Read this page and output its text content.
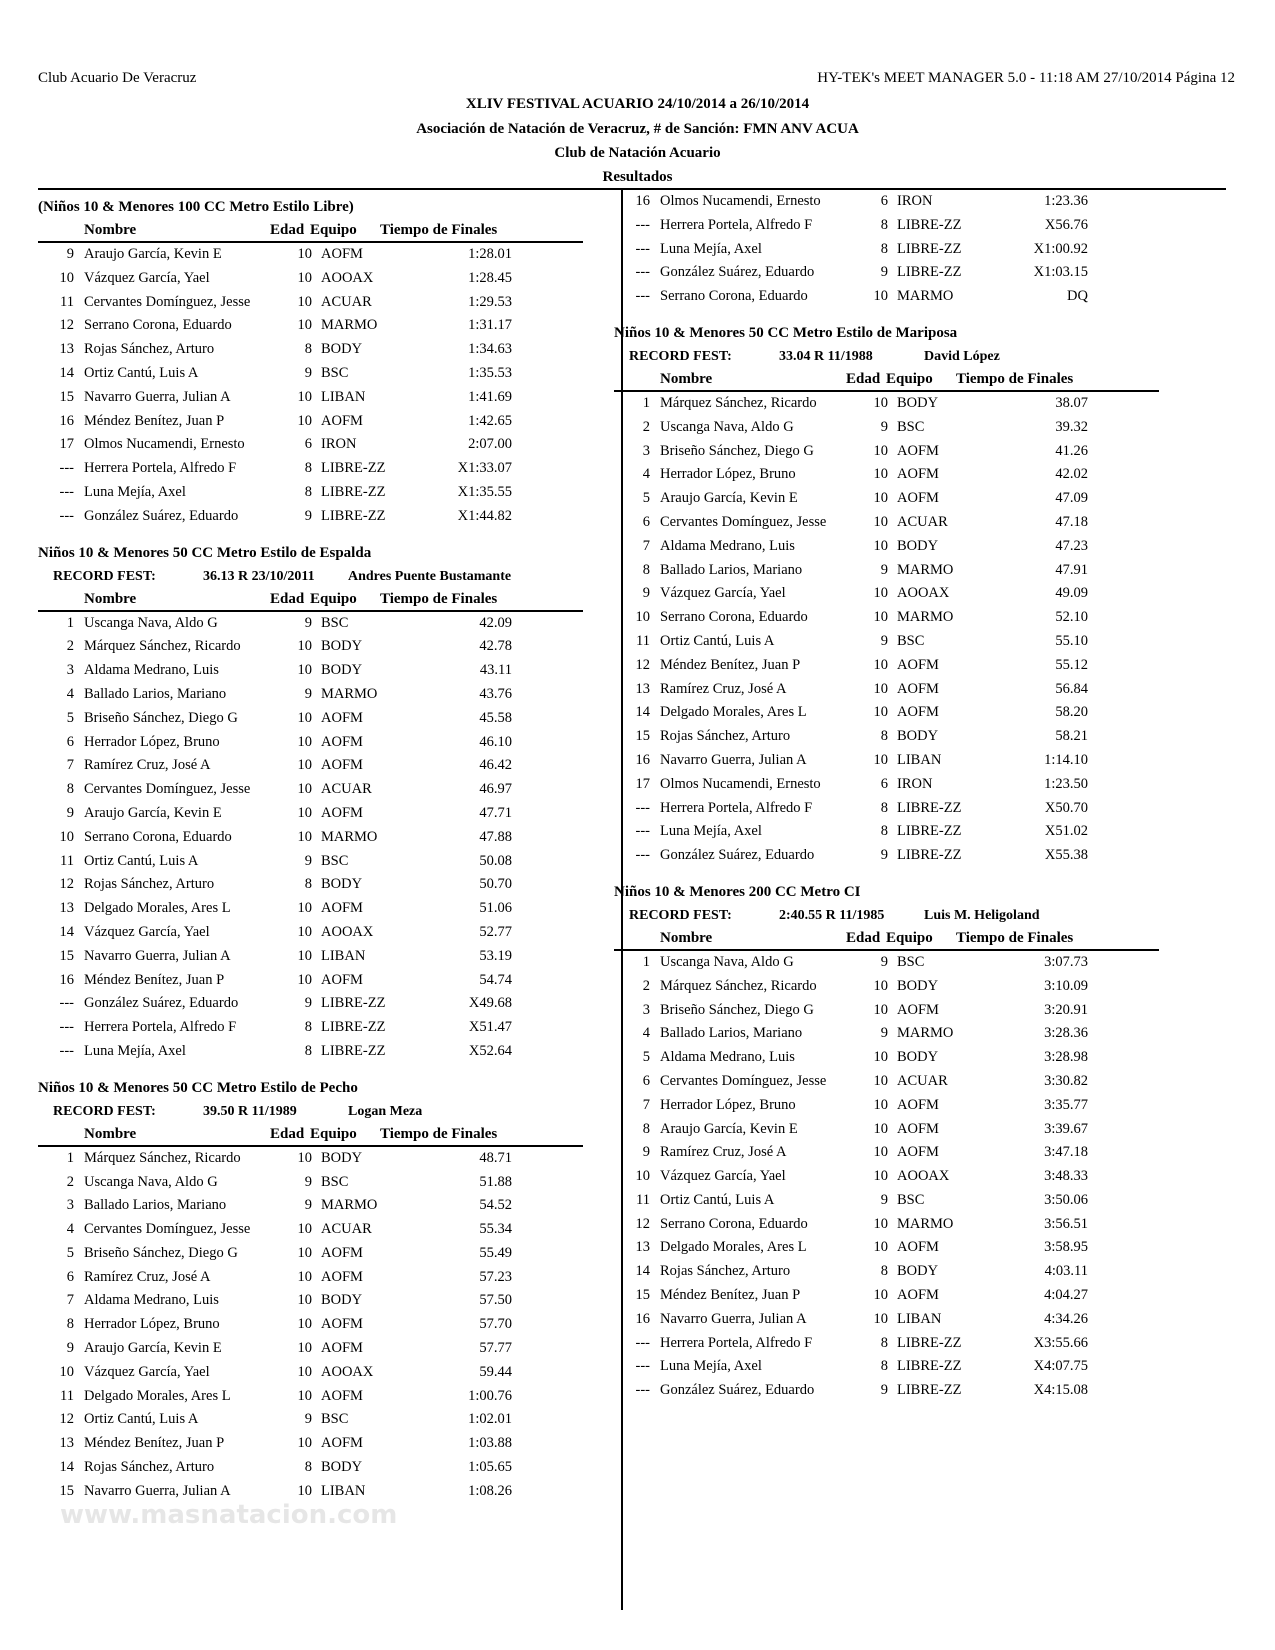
Club Acuario De Veracruz	HY-TEK's MEET MANAGER 5.0 - 11:18 AM 27/10/2014 Página 12
XLIV FESTIVAL ACUARIO 24/10/2014 a 26/10/2014
Asociación de Natación de Veracruz, # de Sanción: FMN ANV ACUA
Club de Natación Acuario
Resultados
(Niños 10 & Menores 100 CC Metro Estilo Libre)
Nombre	Edad Equipo Tiempo de Finales
9 Araujo García, Kevin E	10 AOFM	1:28.01
10 Vázquez García, Yael	10 AOOAX	1:28.45
11 Cervantes Domínguez, Jesse	10 ACUAR	1:29.53
12 Serrano Corona, Eduardo	10 MARMO	1:31.17
13 Rojas Sánchez, Arturo	8 BODY	1:34.63
14 Ortiz Cantú, Luis A	9 BSC	1:35.53
15 Navarro Guerra, Julian A	10 LIBAN	1:41.69
16 Méndez Benítez, Juan P	10 AOFM	1:42.65
17 Olmos Nucamendi, Ernesto	6 IRON	2:07.00
--- Herrera Portela, Alfredo F	8 LIBRE-ZZ	X1:33.07
--- Luna Mejía, Axel	8 LIBRE-ZZ	X1:35.55
--- González Suárez, Eduardo	9 LIBRE-ZZ	X1:44.82
Niños 10 & Menores 50 CC Metro Estilo de Espalda
RECORD FEST:	36.13 R 23/10/2011 Andres Puente Bustamante
Nombre	Edad Equipo Tiempo de Finales
1 Uscanga Nava, Aldo G	9 BSC	42.09
2 Márquez Sánchez, Ricardo	10 BODY	42.78
3 Aldama Medrano, Luis	10 BODY	43.11
4 Ballado Larios, Mariano	9 MARMO	43.76
5 Briseño Sánchez, Diego G	10 AOFM	45.58
6 Herrador López, Bruno	10 AOFM	46.10
7 Ramírez Cruz, José A	10 AOFM	46.42
8 Cervantes Domínguez, Jesse	10 ACUAR	46.97
9 Araujo García, Kevin E	10 AOFM	47.71
10 Serrano Corona, Eduardo	10 MARMO	47.88
11 Ortiz Cantú, Luis A	9 BSC	50.08
12 Rojas Sánchez, Arturo	8 BODY	50.70
13 Delgado Morales, Ares L	10 AOFM	51.06
14 Vázquez García, Yael	10 AOOAX	52.77
15 Navarro Guerra, Julian A	10 LIBAN	53.19
16 Méndez Benítez, Juan P	10 AOFM	54.74
--- González Suárez, Eduardo	9 LIBRE-ZZ	X49.68
--- Herrera Portela, Alfredo F	8 LIBRE-ZZ	X51.47
--- Luna Mejía, Axel	8 LIBRE-ZZ	X52.64
Niños 10 & Menores 50 CC Metro Estilo de Pecho
RECORD FEST:	39.50 R 11/1989	Logan Meza
Nombre	Edad Equipo Tiempo de Finales
1 Márquez Sánchez, Ricardo	10 BODY	48.71
2 Uscanga Nava, Aldo G	9 BSC	51.88
3 Ballado Larios, Mariano	9 MARMO	54.52
4 Cervantes Domínguez, Jesse	10 ACUAR	55.34
5 Briseño Sánchez, Diego G	10 AOFM	55.49
6 Ramírez Cruz, José A	10 AOFM	57.23
7 Aldama Medrano, Luis	10 BODY	57.50
8 Herrador López, Bruno	10 AOFM	57.70
9 Araujo García, Kevin E	10 AOFM	57.77
10 Vázquez García, Yael	10 AOOAX	59.44
11 Delgado Morales, Ares L	10 AOFM	1:00.76
12 Ortiz Cantú, Luis A	9 BSC	1:02.01
13 Méndez Benítez, Juan P	10 AOFM	1:03.88
14 Rojas Sánchez, Arturo	8 BODY	1:05.65
15 Navarro Guerra, Julian A	10 LIBAN	1:08.26
16 Olmos Nucamendi, Ernesto	6 IRON	1:23.36
--- Herrera Portela, Alfredo F	8 LIBRE-ZZ	X56.76
--- Luna Mejía, Axel	8 LIBRE-ZZ	X1:00.92
--- González Suárez, Eduardo	9 LIBRE-ZZ	X1:03.15
--- Serrano Corona, Eduardo	10 MARMO	DQ
Niños 10 & Menores 50 CC Metro Estilo de Mariposa
RECORD FEST:	33.04 R 11/1988	David López
Nombre	Edad Equipo Tiempo de Finales
1 Márquez Sánchez, Ricardo	10 BODY	38.07
2 Uscanga Nava, Aldo G	9 BSC	39.32
3 Briseño Sánchez, Diego G	10 AOFM	41.26
4 Herrador López, Bruno	10 AOFM	42.02
5 Araujo García, Kevin E	10 AOFM	47.09
6 Cervantes Domínguez, Jesse	10 ACUAR	47.18
7 Aldama Medrano, Luis	10 BODY	47.23
8 Ballado Larios, Mariano	9 MARMO	47.91
9 Vázquez García, Yael	10 AOOAX	49.09
10 Serrano Corona, Eduardo	10 MARMO	52.10
11 Ortiz Cantú, Luis A	9 BSC	55.10
12 Méndez Benítez, Juan P	10 AOFM	55.12
13 Ramírez Cruz, José A	10 AOFM	56.84
14 Delgado Morales, Ares L	10 AOFM	58.20
15 Rojas Sánchez, Arturo	8 BODY	58.21
16 Navarro Guerra, Julian A	10 LIBAN	1:14.10
17 Olmos Nucamendi, Ernesto	6 IRON	1:23.50
--- Herrera Portela, Alfredo F	8 LIBRE-ZZ	X50.70
--- Luna Mejía, Axel	8 LIBRE-ZZ	X51.02
--- González Suárez, Eduardo	9 LIBRE-ZZ	X55.38
Niños 10 & Menores 200 CC Metro CI
RECORD FEST:	2:40.55 R 11/1985	Luis M. Heligoland
Nombre	Edad Equipo Tiempo de Finales
1 Uscanga Nava, Aldo G	9 BSC	3:07.73
2 Márquez Sánchez, Ricardo	10 BODY	3:10.09
3 Briseño Sánchez, Diego G	10 AOFM	3:20.91
4 Ballado Larios, Mariano	9 MARMO	3:28.36
5 Aldama Medrano, Luis	10 BODY	3:28.98
6 Cervantes Domínguez, Jesse	10 ACUAR	3:30.82
7 Herrador López, Bruno	10 AOFM	3:35.77
8 Araujo García, Kevin E	10 AOFM	3:39.67
9 Ramírez Cruz, José A	10 AOFM	3:47.18
10 Vázquez García, Yael	10 AOOAX	3:48.33
11 Ortiz Cantú, Luis A	9 BSC	3:50.06
12 Serrano Corona, Eduardo	10 MARMO	3:56.51
13 Delgado Morales, Ares L	10 AOFM	3:58.95
14 Rojas Sánchez, Arturo	8 BODY	4:03.11
15 Méndez Benítez, Juan P	10 AOFM	4:04.27
16 Navarro Guerra, Julian A	10 LIBAN	4:34.26
--- Herrera Portela, Alfredo F	8 LIBRE-ZZ	X3:55.66
--- Luna Mejía, Axel	8 LIBRE-ZZ	X4:07.75
--- González Suárez, Eduardo	9 LIBRE-ZZ	X4:15.08
www.masnatacion.com
